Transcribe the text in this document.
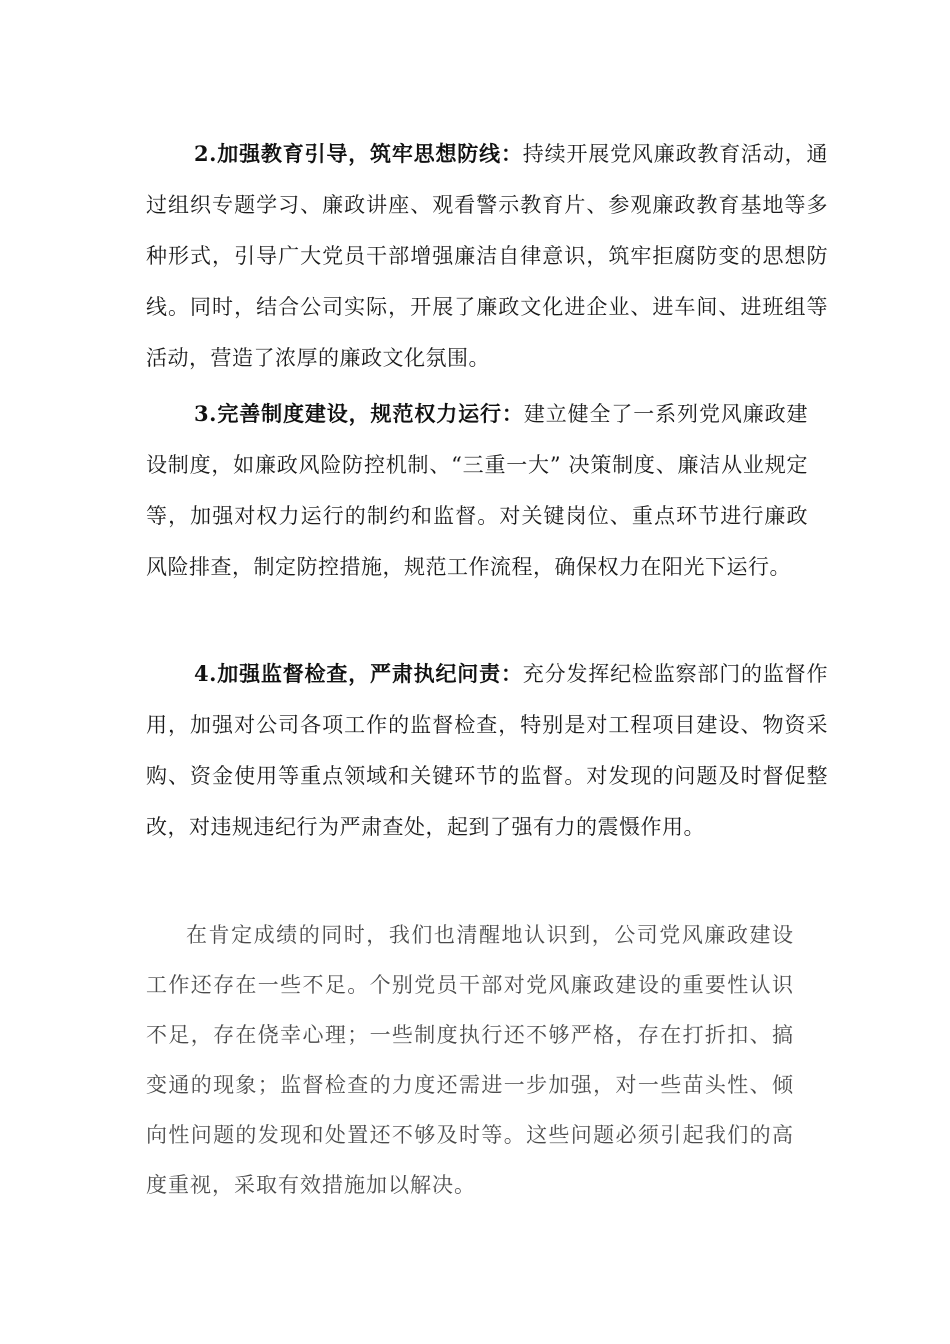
2.加强教育引导，筑牢思想防线：持续开展党风廉政教育活动，通过组织专题学习、廉政讲座、观看警示教育片、参观廉政教育基地等多种形式，引导广大党员干部增强廉洁自律意识，筑牢拒腐防变的思想防线。同时，结合公司实际，开展了廉政文化进企业、进车间、进班组等活动，营造了浓厚的廉政文化氛围。

3.完善制度建设，规范权力运行：建立健全了一系列党风廉政建设制度，如廉政风险防控机制、“三重一大” 决策制度、廉洁从业规定等，加强对权力运行的制约和监督。对关键岗位、重点环节进行廉政风险排查，制定防控措施，规范工作流程，确保权力在阳光下运行。

4.加强监督检查，严肃执纪问责：充分发挥纪检监察部门的监督作用，加强对公司各项工作的监督检查，特别是对工程项目建设、物资采购、资金使用等重点领域和关键环节的监督。对发现的问题及时督促整改，对违规违纪行为严肃查处，起到了强有力的震慑作用。

在肯定成绩的同时，我们也清醒地认识到，公司党风廉政建设工作还存在一些不足。个别党员干部对党风廉政建设的重要性认识不足，存在侥幸心理；一些制度执行还不够严格，存在打折扣、搞变通的现象；监督检查的力度还需进一步加强，对一些苗头性、倾向性问题的发现和处置还不够及时等。这些问题必须引起我们的高度重视，采取有效措施加以解决。
